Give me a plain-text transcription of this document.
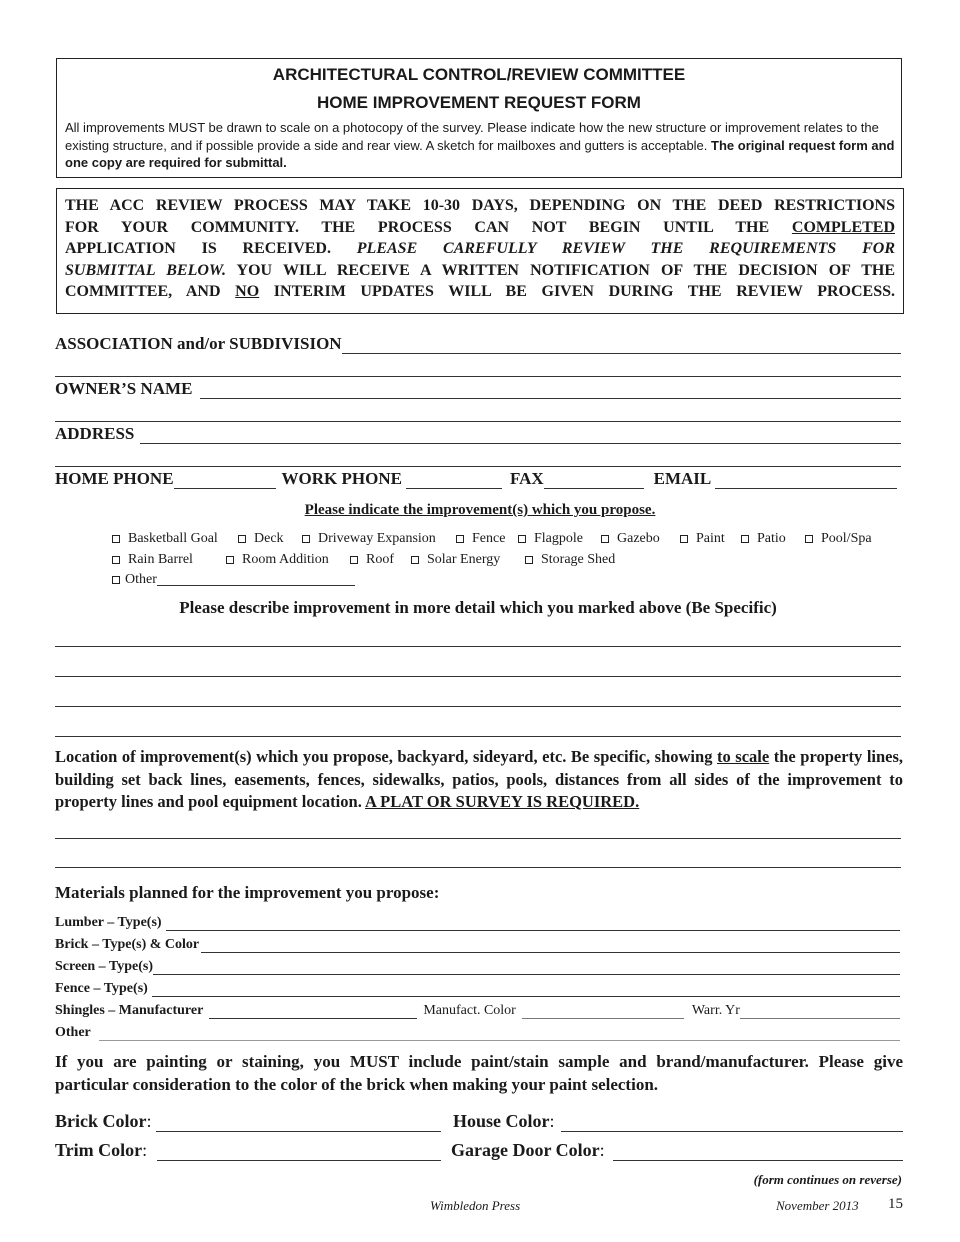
ARCHITECTURAL CONTROL/REVIEW COMMITTEE
HOME IMPROVEMENT REQUEST FORM
All improvements MUST be drawn to scale on a photocopy of the survey. Please indicate how the new structure or improvement relates to the existing structure, and if possible provide a side and rear view. A sketch for mailboxes and gutters is acceptable. The original request form and one copy are required for submittal.
THE ACC REVIEW PROCESS MAY TAKE 10-30 DAYS, DEPENDING ON THE DEED RESTRICTIONS
FOR YOUR COMMUNITY. THE PROCESS CAN NOT BEGIN UNTIL THE COMPLETED
APPLICATION IS RECEIVED. PLEASE CAREFULLY REVIEW THE REQUIREMENTS FOR
SUBMITTAL BELOW. YOU WILL RECEIVE A WRITTEN NOTIFICATION OF THE DECISION OF THE
COMMITTEE, AND NO INTERIM UPDATES WILL BE GIVEN DURING THE REVIEW PROCESS.
ASSOCIATION and/or SUBDIVISION
OWNER’S NAME
ADDRESS
HOME PHONE	WORK PHONE	FAX	EMAIL
Please indicate the improvement(s) which you propose.
Basketball Goal	Deck Driveway Expansion	Fence Flagpole Gazebo	Paint Patio	Pool/Spa
Rain Barrel	Room Addition	Roof Solar Energy	Storage Shed
Other
Please describe improvement in more detail which you marked above (Be Specific)
Location of improvement(s) which you propose, backyard, sideyard, etc. Be specific, showing to scale the property lines, building set back lines, easements, fences, sidewalks, patios, pools, distances from all sides of the improvement to property lines and pool equipment location. A PLAT OR SURVEY IS REQUIRED.
Materials planned for the improvement you propose:
Lumber – Type(s)
Brick – Type(s) & Color
Screen – Type(s)
Fence – Type(s)
Shingles – Manufacturer	Manufact. Color	Warr. Yr
Other
If you are painting or staining, you MUST include paint/stain sample and brand/manufacturer. Please give particular consideration to the color of the brick when making your paint selection.
Brick Color :	House Color :
Trim Color :	Garage Door Color :
(form continues on reverse)
Wimbledon Press	November 2013 15
